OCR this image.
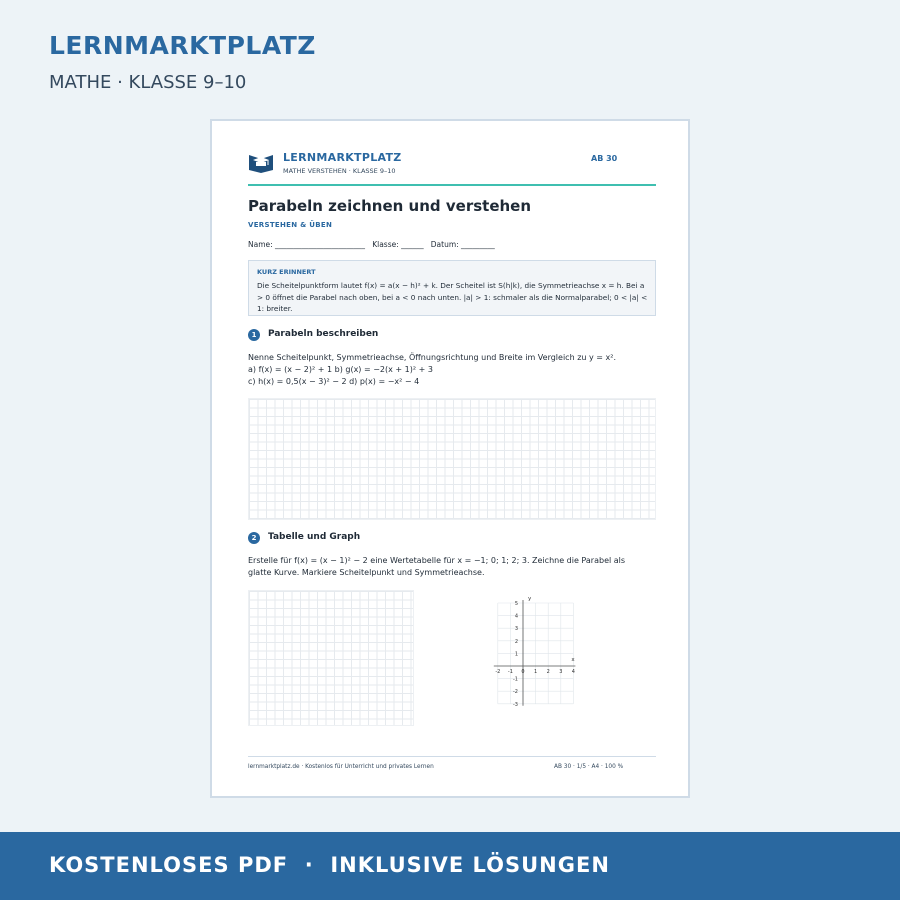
LERNMARKTPLATZ
MATHE · KLASSE 9–10
LERNMARKTPLATZ
MATHE VERSTEHEN · KLASSE 9–10
AB 30
Parabeln zeichnen und verstehen
VERSTEHEN & ÜBEN
Name: ________________________   Klasse: ______   Datum: _________
KURZ ERINNERT
Die Scheitelpunktform lautet f(x) = a(x − h)² + k. Der Scheitel ist S(h|k), die Symmetrieachse x = h. Bei a > 0 öffnet die Parabel nach oben, bei a < 0 nach unten. |a| > 1: schmaler als die Normalparabel; 0 < |a| < 1: breiter.
1	Parabeln beschreiben
Nenne Scheitelpunkt, Symmetrieachse, Öffnungsrichtung und Breite im Vergleich zu y = x².
a) f(x) = (x − 2)² + 1 b) g(x) = −2(x + 1)² + 3
c) h(x) = 0,5(x − 3)² − 2 d) p(x) = −x² − 4
2	Tabelle und Graph
Erstelle für f(x) = (x − 1)² − 2 eine Wertetabelle für x = −1; 0; 1; 2; 3. Zeichne die Parabel als
glatte Kurve. Markiere Scheitelpunkt und Symmetrieachse.
x
y
-2 -1 0 1 2 3 4
5
4
3
2
1
-1
-2
-3
lernmarktplatz.de · Kostenlos für Unterricht und privates Lernen	AB 30 · 1/5 · A4 · 100 %
KOSTENLOSES PDF  ·  INKLUSIVE LÖSUNGEN
